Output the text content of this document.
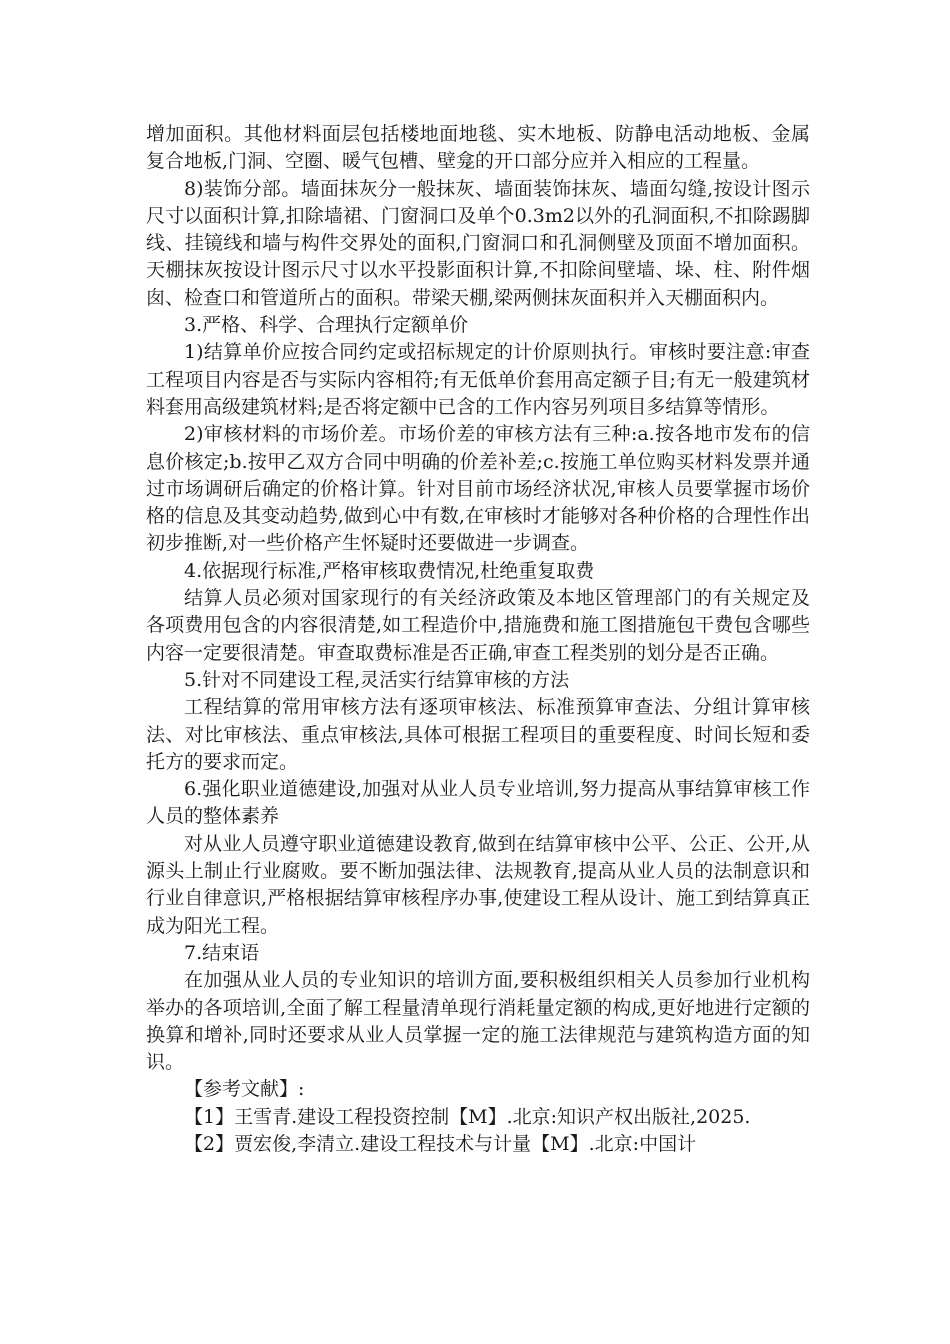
增加面积。其他材料面层包括楼地面地毯、实木地板、防静电活动地板、金属复合地板,门洞、空圈、暖气包槽、壁龛的开口部分应并入相应的工程量。

8)装饰分部。墙面抹灰分一般抹灰、墙面装饰抹灰、墙面勾缝,按设计图示尺寸以面积计算,扣除墙裙、门窗洞口及单个0.3m2以外的孔洞面积,不扣除踢脚线、挂镜线和墙与构件交界处的面积,门窗洞口和孔洞侧壁及顶面不增加面积。天棚抹灰按设计图示尺寸以水平投影面积计算,不扣除间壁墙、垛、柱、附件烟囱、检查口和管道所占的面积。带梁天棚,梁两侧抹灰面积并入天棚面积内。

3.严格、科学、合理执行定额单价

1)结算单价应按合同约定或招标规定的计价原则执行。审核时要注意:审查工程项目内容是否与实际内容相符;有无低单价套用高定额子目;有无一般建筑材料套用高级建筑材料;是否将定额中已含的工作内容另列项目多结算等情形。

2)审核材料的市场价差。市场价差的审核方法有三种:a.按各地市发布的信息价核定;b.按甲乙双方合同中明确的价差补差;c.按施工单位购买材料发票并通过市场调研后确定的价格计算。针对目前市场经济状况,审核人员要掌握市场价格的信息及其变动趋势,做到心中有数,在审核时才能够对各种价格的合理性作出初步推断,对一些价格产生怀疑时还要做进一步调查。

4.依据现行标准,严格审核取费情况,杜绝重复取费

结算人员必须对国家现行的有关经济政策及本地区管理部门的有关规定及各项费用包含的内容很清楚,如工程造价中,措施费和施工图措施包干费包含哪些内容一定要很清楚。审查取费标准是否正确,审查工程类别的划分是否正确。

5.针对不同建设工程,灵活实行结算审核的方法

工程结算的常用审核方法有逐项审核法、标准预算审查法、分组计算审核法、对比审核法、重点审核法,具体可根据工程项目的重要程度、时间长短和委托方的要求而定。

6.强化职业道德建设,加强对从业人员专业培训,努力提高从事结算审核工作人员的整体素养

对从业人员遵守职业道德建设教育,做到在结算审核中公平、公正、公开,从源头上制止行业腐败。要不断加强法律、法规教育,提高从业人员的法制意识和行业自律意识,严格根据结算审核程序办事,使建设工程从设计、施工到结算真正成为阳光工程。

7.结束语

在加强从业人员的专业知识的培训方面,要积极组织相关人员参加行业机构举办的各项培训,全面了解工程量清单现行消耗量定额的构成,更好地进行定额的换算和增补,同时还要求从业人员掌握一定的施工法律规范与建筑构造方面的知识。

【参考文献】:

【1】王雪青.建设工程投资控制【M】.北京:知识产权出版社,2025.

【2】贾宏俊,李清立.建设工程技术与计量【M】.北京:中国计
